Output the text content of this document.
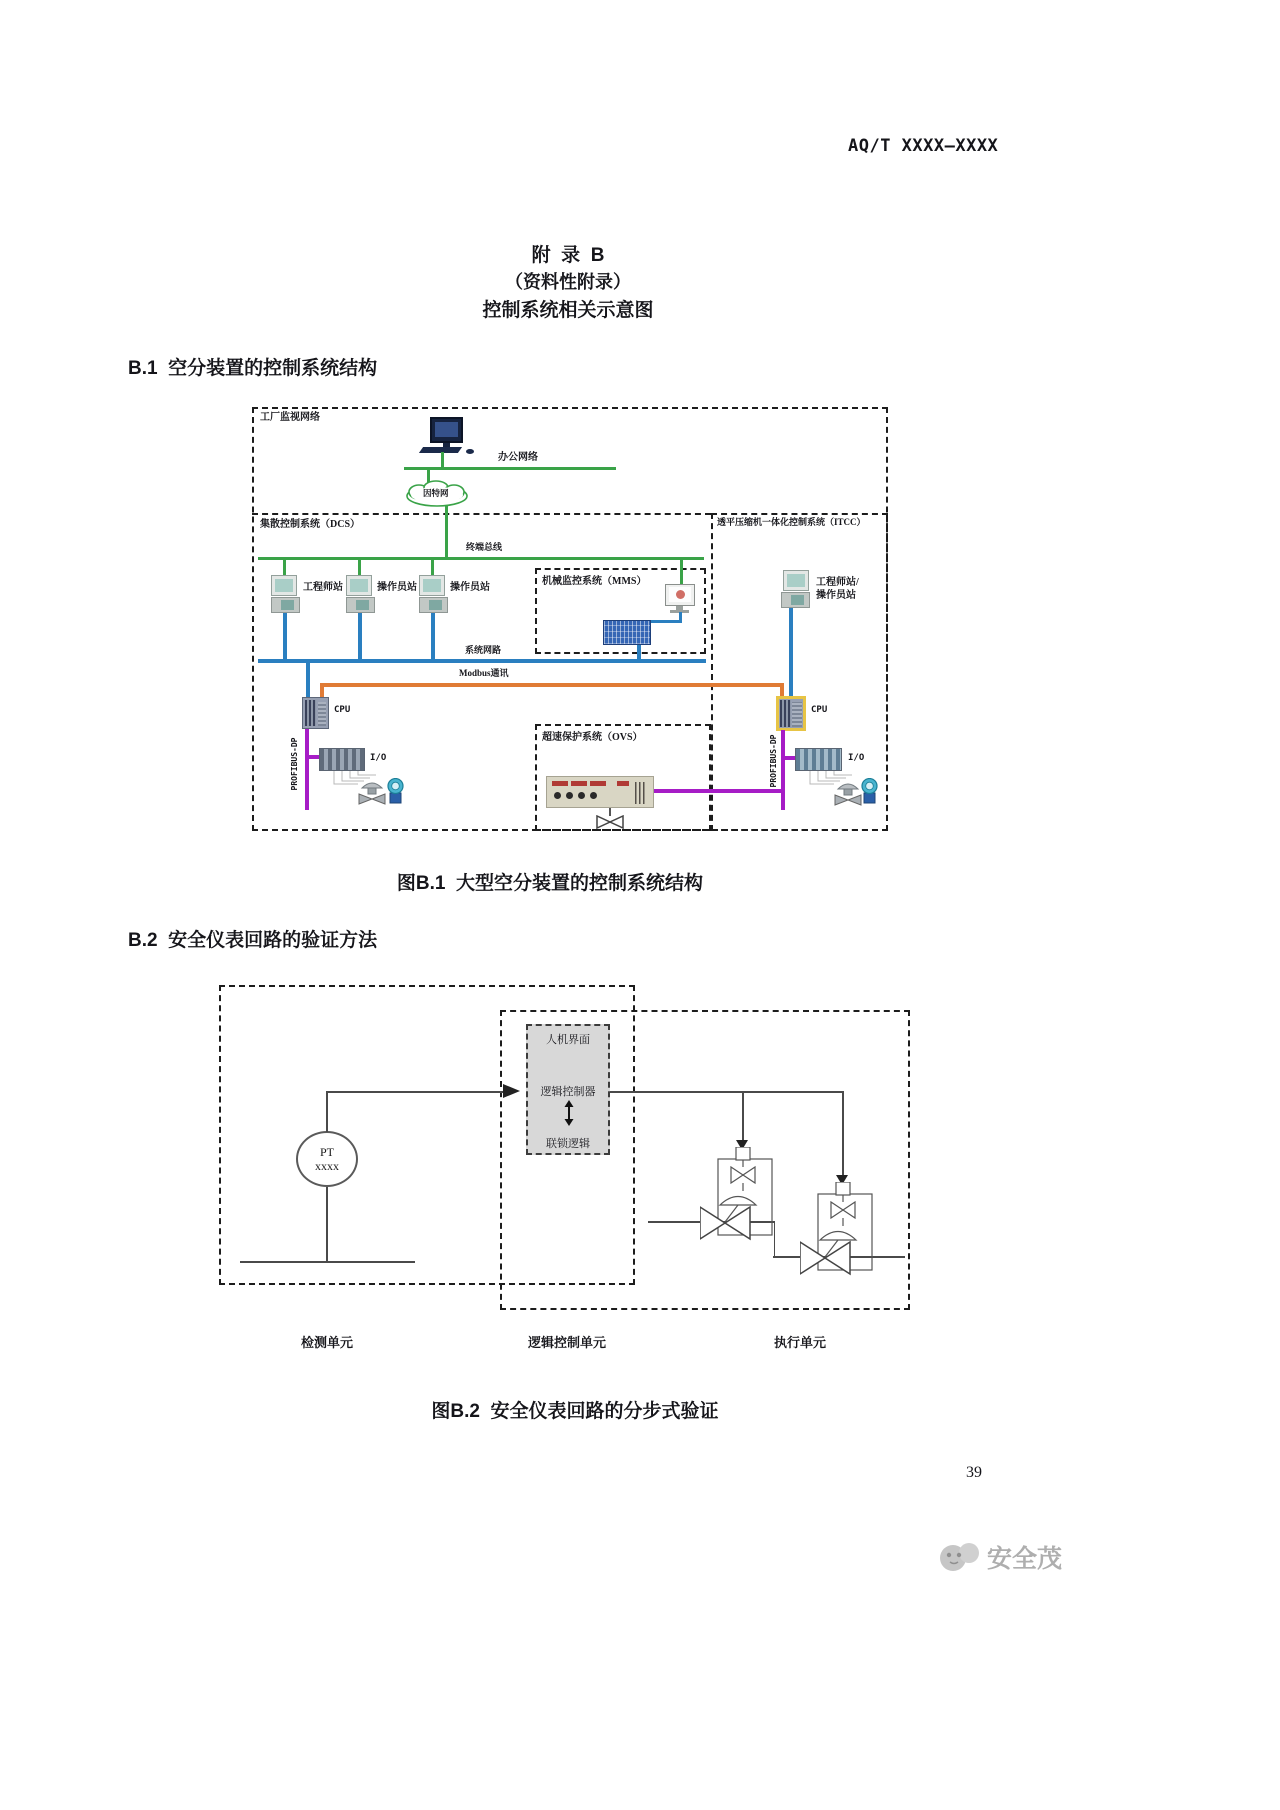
AQ/T XXXX—XXXX
附  录  B
（资料性附录）
控制系统相关示意图
B.1  空分装置的控制系统结构
工厂监视网络
集散控制系统（DCS）	透平压缩机一体化控制系统（ITCC）
机械监控系统（MMS）
超速保护系统（OVS）
办公网络
因特网
终端总线
工程师站	操作员站	操作员站
系统网路
Modbus通讯
CPU
PROFIBUS-DP	I/O
工程师站/
操作员站
CPU
PROFIBUS-DP	I/O
图B.1  大型空分装置的控制系统结构
B.2  安全仪表回路的验证方法
人机界面
逻辑控制器
联锁逻辑
PT
xxxx
检测单元	逻辑控制单元	执行单元
图B.2  安全仪表回路的分步式验证
39
安全茂
